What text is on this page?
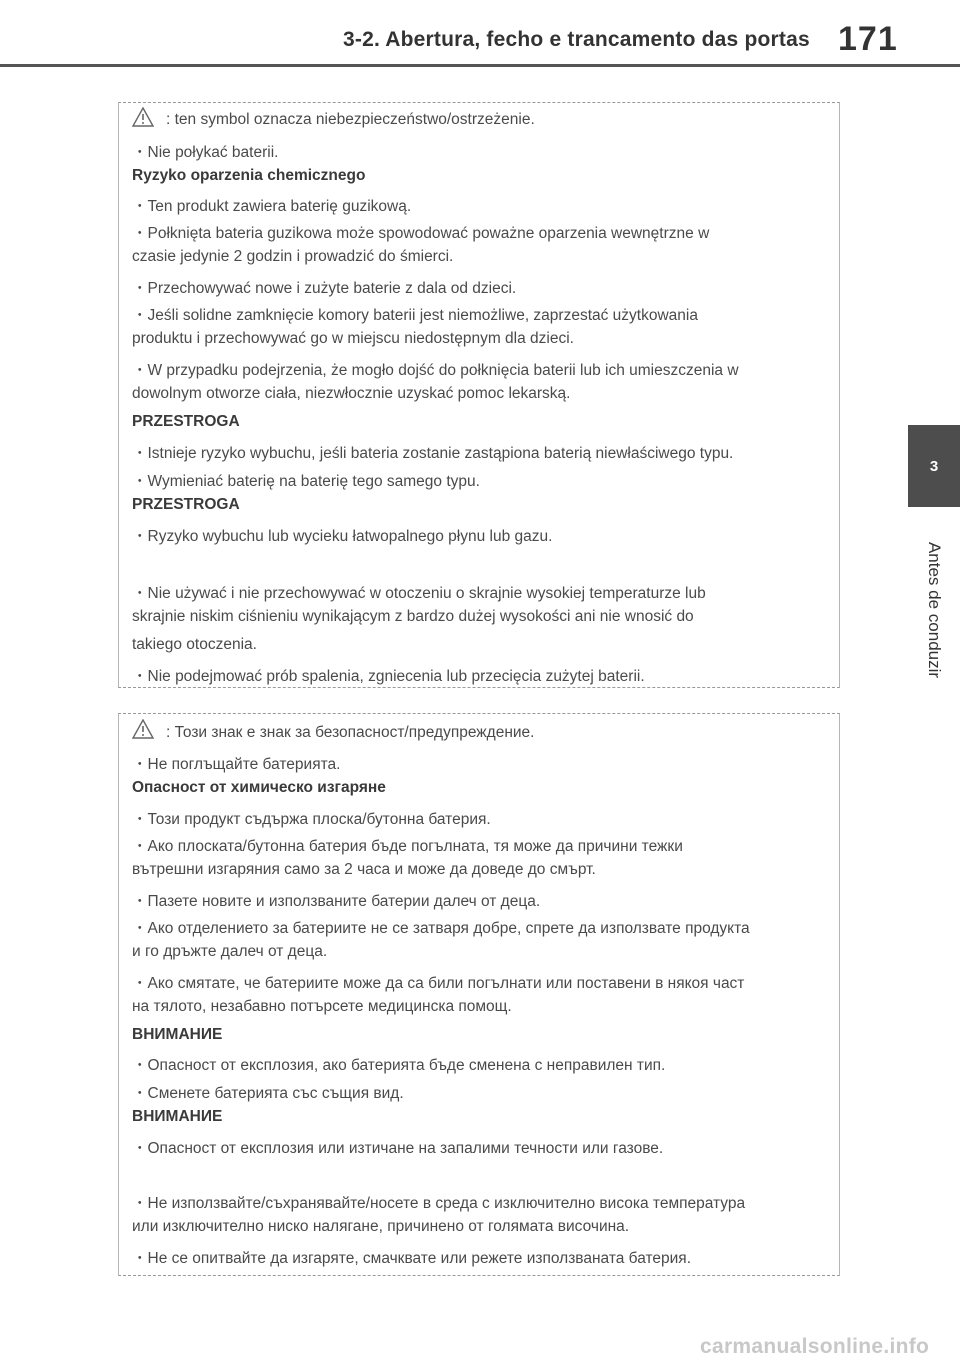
3-2. Abertura, fecho e trancamento das portas 171
3
Antes de conduzir
: ten symbol oznacza niebezpieczeństwo/ostrzeżenie.
・Nie połykać baterii.
Ryzyko oparzenia chemicznego
・Ten produkt zawiera baterię guzikową.
・Połknięta bateria guzikowa może spowodować poważne oparzenia wewnętrzne w
czasie jedynie 2 godzin i prowadzić do śmierci.
・Przechowywać nowe i zużyte baterie z dala od dzieci.
・Jeśli solidne zamknięcie komory baterii jest niemożliwe, zaprzestać użytkowania
produktu i przechowywać go w miejscu niedostępnym dla dzieci.
・W przypadku podejrzenia, że mogło dojść do połknięcia baterii lub ich umieszczenia w
dowolnym otworze ciała, niezwłocznie uzyskać pomoc lekarską.
PRZESTROGA
・Istnieje ryzyko wybuchu, jeśli bateria zostanie zastąpiona baterią niewłaściwego typu.
・Wymieniać baterię na baterię tego samego typu.
PRZESTROGA
・Ryzyko wybuchu lub wycieku łatwopalnego płynu lub gazu.
・Nie używać i nie przechowywać w otoczeniu o skrajnie wysokiej temperaturze lub
skrajnie niskim ciśnieniu wynikającym z bardzo dużej wysokości ani nie wnosić do
takiego otoczenia.
・Nie podejmować prób spalenia, zgniecenia lub przecięcia zużytej baterii.
: Този знак е знак за безопасност/предупреждение.
・Не поглъщайте батерията.
Опасност от химическо изгаряне
・Този продукт съдържа плоска/бутонна батерия.
・Ако плоската/бутонна батерия бъде погълната, тя може да причини тежки
вътрешни изгаряния само за 2 часа и може да доведе до смърт.
・Пазете новите и използваните батерии далеч от деца.
・Ако отделението за батериите не се затваря добре, спрете да използвате продукта
и го дръжте далеч от деца.
・Ако смятате, че батериите може да са били погълнати или поставени в някоя част
на тялото, незабавно потърсете медицинска помощ.
ВНИМАНИЕ
・Опасност от експлозия, ако батерията бъде сменена с неправилен тип.
・Сменете батерията със същия вид.
ВНИМАНИЕ
・Опасност от експлозия или изтичане на запалими течности или газове.
・Не използвайте/съхранявайте/носете в среда с изключително висока температура
или изключително ниско налягане, причинено от голямата височина.
・Не се опитвайте да изгаряте, смачквате или режете използваната батерия.
carmanualsonline.info
